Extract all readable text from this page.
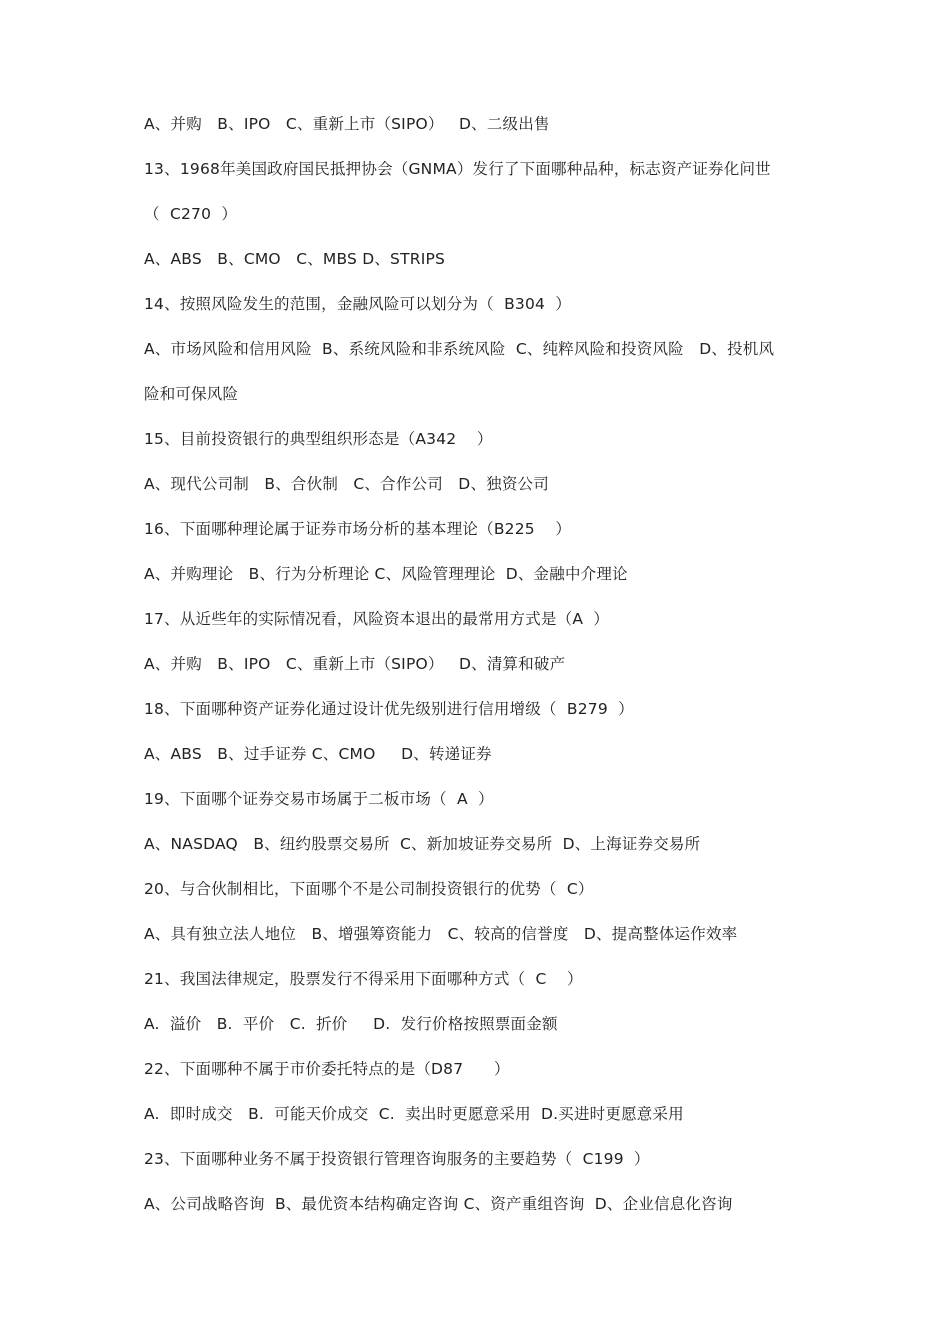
A、并购   B、IPO   C、重新上市（SIPO）   D、二级出售
13、1968年美国政府国民抵押协会（GNMA）发行了下面哪种品种，标志资产证券化问世
（  C270  ）
A、ABS   B、CMO   C、MBS D、STRIPS
14、按照风险发生的范围，金融风险可以划分为（  B304  ）
A、市场风险和信用风险  B、系统风险和非系统风险  C、纯粹风险和投资风险   D、投机风
险和可保风险
15、目前投资银行的典型组织形态是（A342    ）
A、现代公司制   B、合伙制   C、合作公司   D、独资公司
16、下面哪种理论属于证券市场分析的基本理论（B225    ）
A、并购理论   B、行为分析理论 C、风险管理理论  D、金融中介理论
17、从近些年的实际情况看，风险资本退出的最常用方式是（A  ）
A、并购   B、IPO   C、重新上市（SIPO）   D、清算和破产
18、下面哪种资产证券化通过设计优先级别进行信用增级（  B279  ）
A、ABS   B、过手证券 C、CMO     D、转递证券
19、下面哪个证券交易市场属于二板市场（  A  ）
A、NASDAQ   B、纽约股票交易所  C、新加坡证券交易所  D、上海证券交易所
20、与合伙制相比，下面哪个不是公司制投资银行的优势（  C）
A、具有独立法人地位   B、增强筹资能力   C、较高的信誉度   D、提高整体运作效率
21、我国法律规定，股票发行不得采用下面哪种方式（  C    ）
A.  溢价   B.  平价   C.  折价     D.  发行价格按照票面金额
22、下面哪种不属于市价委托特点的是（D87      ）
A.  即时成交   B.  可能天价成交  C.  卖出时更愿意采用  D.买进时更愿意采用
23、下面哪种业务不属于投资银行管理咨询服务的主要趋势（  C199  ）
A、公司战略咨询  B、最优资本结构确定咨询 C、资产重组咨询  D、企业信息化咨询
